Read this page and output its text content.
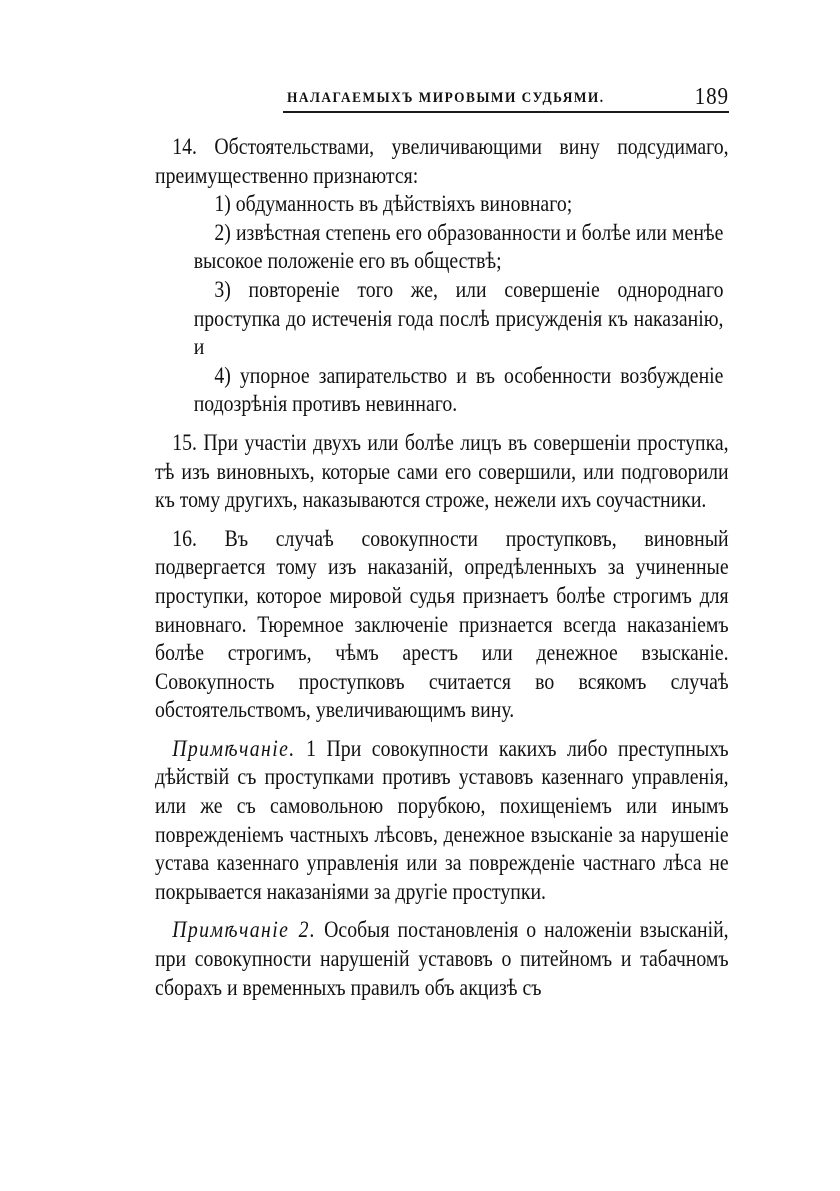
НАЛАГАЕМЫХЪ МИРОВЫМИ СУДЬЯМИ.	189

14. Обстоятельствами, увеличивающими вину подсудимаго, преимущественно признаются:

1) обдуманность въ дѣйствіяхъ виновнаго;

2) извѣстная степень его образованности и болѣе или менѣе высокое положеніе его въ обществѣ;

3) повтореніе того же, или совершеніе однороднаго проступка до истеченія года послѣ присужденія къ наказанію, и

4) упорное запирательство и въ особенности возбужденіе подозрѣнія противъ невиннаго.

15. При участіи двухъ или болѣе лицъ въ совершеніи проступка, тѣ изъ виновныхъ, которые сами его совершили, или подговорили къ тому другихъ, наказываются строже, нежели ихъ соучастники.

16. Въ случаѣ совокупности проступковъ, виновный подвергается тому изъ наказаній, опредѣленныхъ за учиненные проступки, которое мировой судья признаетъ болѣе строгимъ для виновнаго. Тюремное заключеніе признается всегда наказаніемъ болѣе строгимъ, чѣмъ арестъ или денежное взысканіе. Совокупность проступковъ считается во всякомъ случаѣ обстоятельствомъ, увеличивающимъ вину.

Примѣчаніе. 1 При совокупности какихъ либо преступныхъ дѣйствій съ проступками противъ уставовъ казеннаго управленія, или же съ самовольною порубкою, похищеніемъ или инымъ поврежденіемъ частныхъ лѣсовъ, денежное взысканіе за нарушеніе устава казеннаго управленія или за поврежденіе частнаго лѣса не покрывается наказаніями за другіе проступки.

Примѣчаніе 2. Особыя постановленія о наложеніи взысканій, при совокупности нарушеній уставовъ о питейномъ и табачномъ сборахъ и временныхъ правилъ объ акцизѣ съ
